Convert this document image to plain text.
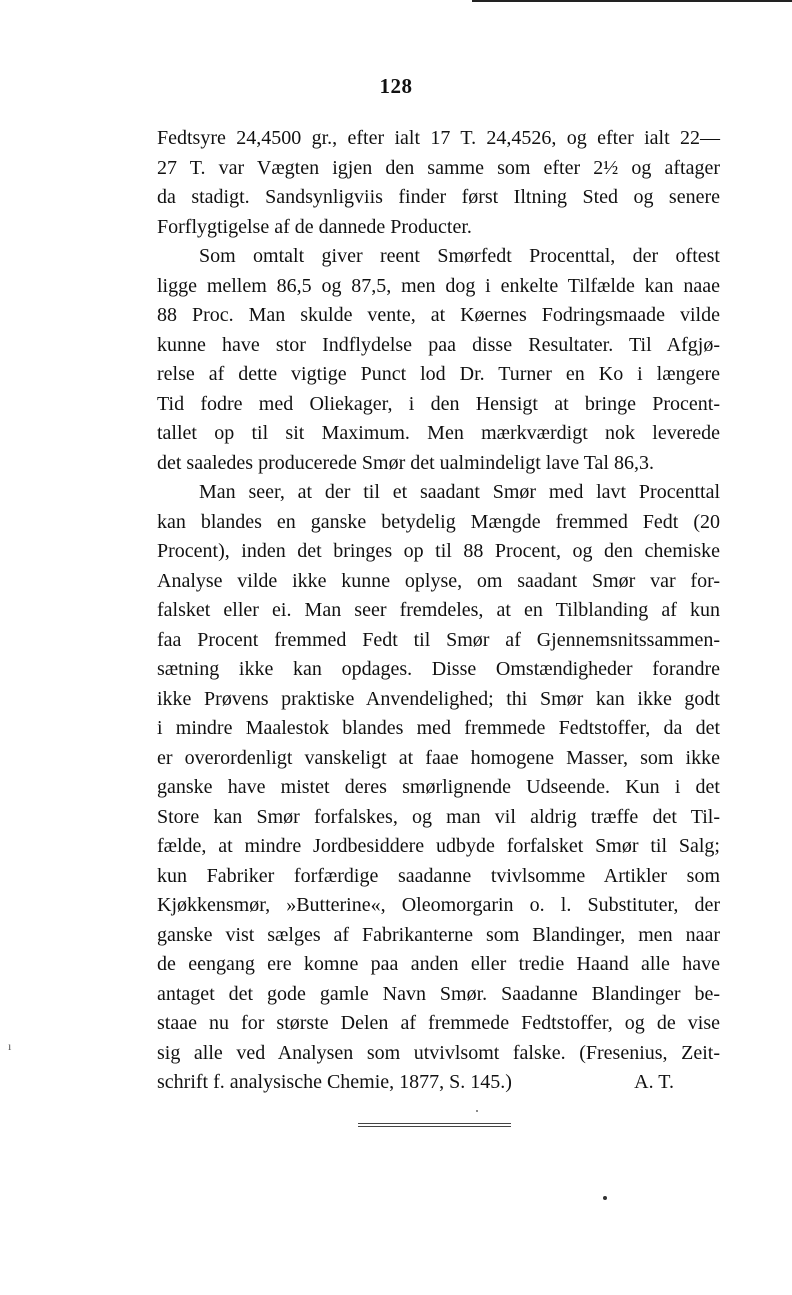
128
Fedtsyre 24,4500 gr., efter ialt 17 T. 24,4526, og efter ialt 22—
27 T. var Vægten igjen den samme som efter 2½ og aftager
da stadigt. Sandsynligviis finder først Iltning Sted og senere
Forflygtigelse af de dannede Producter.
Som omtalt giver reent Smørfedt Procenttal, der oftest
ligge mellem 86,5 og 87,5, men dog i enkelte Tilfælde kan naae
88 Proc. Man skulde vente, at Køernes Fodringsmaade vilde
kunne have stor Indflydelse paa disse Resultater. Til Afgjø-
relse af dette vigtige Punct lod Dr. Turner en Ko i længere
Tid fodre med Oliekager, i den Hensigt at bringe Procent-
tallet op til sit Maximum. Men mærkværdigt nok leverede
det saaledes producerede Smør det ualmindeligt lave Tal 86,3.
Man seer, at der til et saadant Smør med lavt Procenttal
kan blandes en ganske betydelig Mængde fremmed Fedt (20
Procent), inden det bringes op til 88 Procent, og den chemiske
Analyse vilde ikke kunne oplyse, om saadant Smør var for-
falsket eller ei. Man seer fremdeles, at en Tilblanding af kun
faa Procent fremmed Fedt til Smør af Gjennemsnitssammen-
sætning ikke kan opdages. Disse Omstændigheder forandre
ikke Prøvens praktiske Anvendelighed; thi Smør kan ikke godt
i mindre Maalestok blandes med fremmede Fedtstoffer, da det
er overordenligt vanskeligt at faae homogene Masser, som ikke
ganske have mistet deres smørlignende Udseende. Kun i det
Store kan Smør forfalskes, og man vil aldrig træffe det Til-
fælde, at mindre Jordbesiddere udbyde forfalsket Smør til Salg;
kun Fabriker forfærdige saadanne tvivlsomme Artikler som
Kjøkkensmør, »Butterine«, Oleomorgarin o. l. Substituter, der
ganske vist sælges af Fabrikanterne som Blandinger, men naar
de eengang ere komne paa anden eller tredie Haand alle have
antaget det gode gamle Navn Smør. Saadanne Blandinger be-
staae nu for største Delen af fremmede Fedtstoffer, og de vise
sig alle ved Analysen som utvivlsomt falske. (Fresenius, Zeit-
schrift f. analysische Chemie, 1877, S. 145.)	A. T.
ı
